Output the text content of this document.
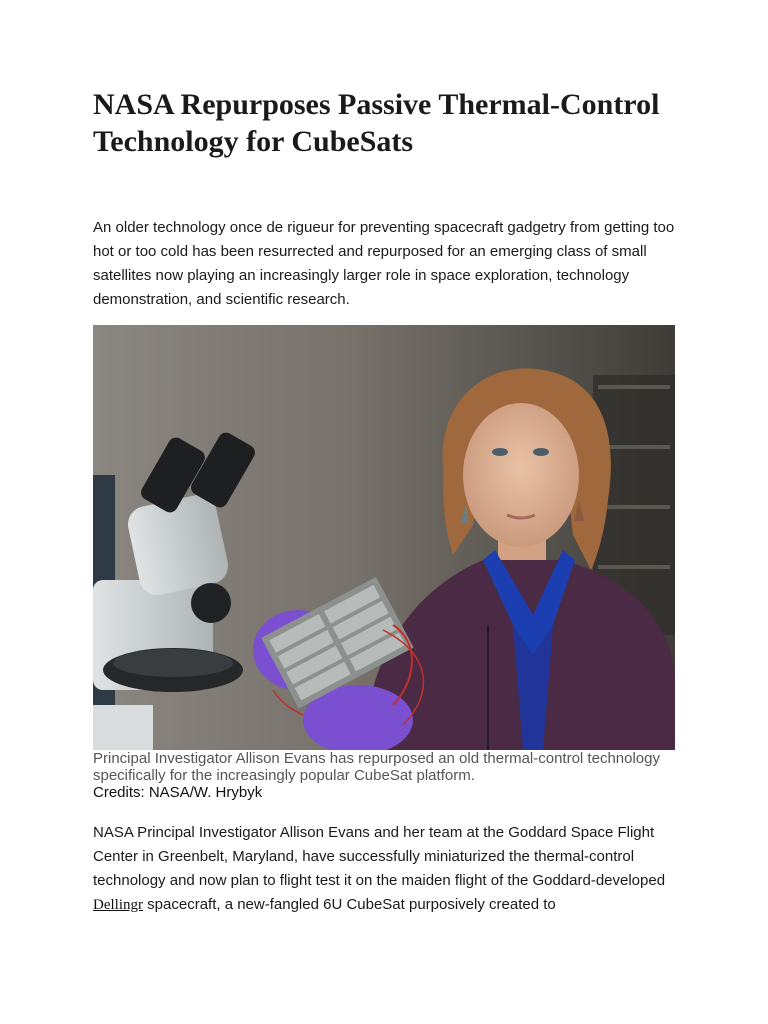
NASA Repurposes Passive Thermal-Control Technology for CubeSats

An older technology once de rigueur for preventing spacecraft gadgetry from getting too hot or too cold has been resurrected and repurposed for an emerging class of small satellites now playing an increasingly larger role in space exploration, technology demonstration, and scientific research.

Principal Investigator Allison Evans has repurposed an old thermal-control technology specifically for the increasingly popular CubeSat platform.

Credits: NASA/W. Hrybyk

NASA Principal Investigator Allison Evans and her team at the Goddard Space Flight Center in Greenbelt, Maryland, have successfully miniaturized the thermal-control technology and now plan to flight test it on the maiden flight of the Goddard-developed Dellingr spacecraft, a new-fangled 6U CubeSat purposively created to
